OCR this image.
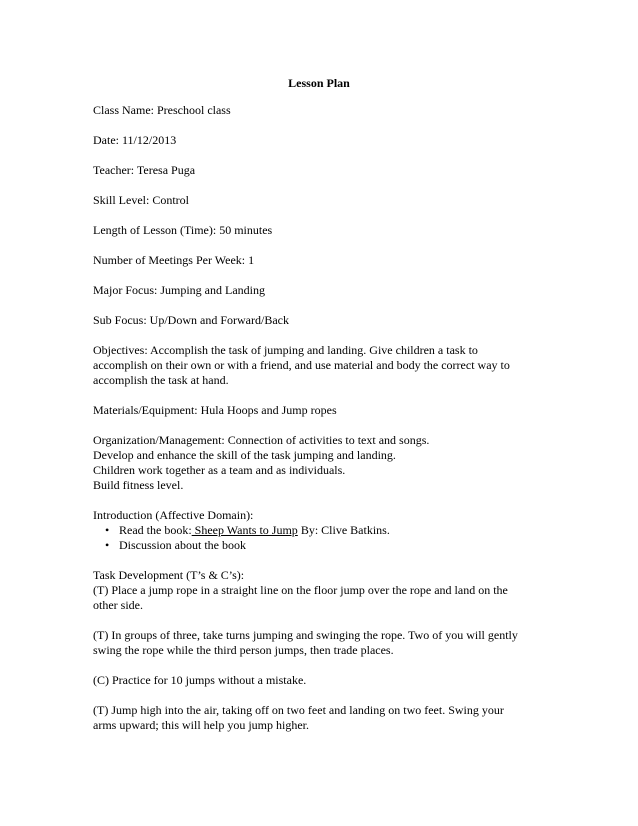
Lesson Plan

Class Name: Preschool class

Date: 11/12/2013

Teacher: Teresa Puga

Skill Level: Control

Length of Lesson (Time): 50 minutes

Number of Meetings Per Week: 1

Major Focus: Jumping and Landing

Sub Focus: Up/Down and Forward/Back

Objectives: Accomplish the task of jumping and landing. Give children a task to
accomplish on their own or with a friend, and use material and body the correct way to
accomplish the task at hand.

Materials/Equipment: Hula Hoops and Jump ropes

Organization/Management: Connection of activities to text and songs.
Develop and enhance the skill of the task jumping and landing.
Children work together as a team and as individuals.
Build fitness level.

Introduction (Affective Domain):
• Read the book: Sheep Wants to Jump By: Clive Batkins.
• Discussion about the book

Task Development (T’s & C’s):
(T) Place a jump rope in a straight line on the floor jump over the rope and land on the
other side.

(T) In groups of three, take turns jumping and swinging the rope. Two of you will gently
swing the rope while the third person jumps, then trade places.

(C) Practice for 10 jumps without a mistake.

(T) Jump high into the air, taking off on two feet and landing on two feet. Swing your
arms upward; this will help you jump higher.
